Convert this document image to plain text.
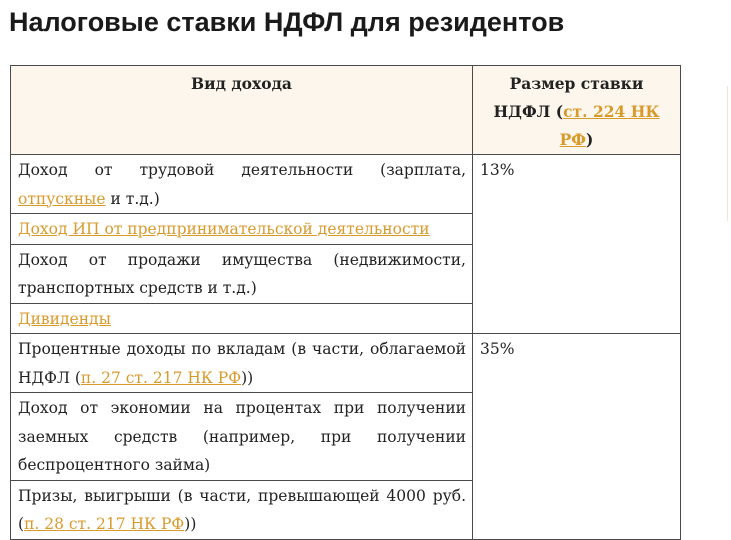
Налоговые ставки НДФЛ для резидентов
Вид дохода	Размер ставки НДФЛ (ст. 224 НК РФ)
Доход от трудовой деятельности (зарплата, отпускные и т.д.)	13%
Доход ИП от предпринимательской деятельности	
Доход от продажи имущества (недвижимости, транспортных средств и т.д.)	
Дивиденды	
Процентные доходы по вкладам (в части, облагаемой НДФЛ (п. 27 ст. 217 НК РФ))	35%
Доход от экономии на процентах при получении заемных средств (например, при получении беспроцентного займа)	
Призы, выигрыши (в части, превышающей 4000 руб. (п. 28 ст. 217 НК РФ))	
